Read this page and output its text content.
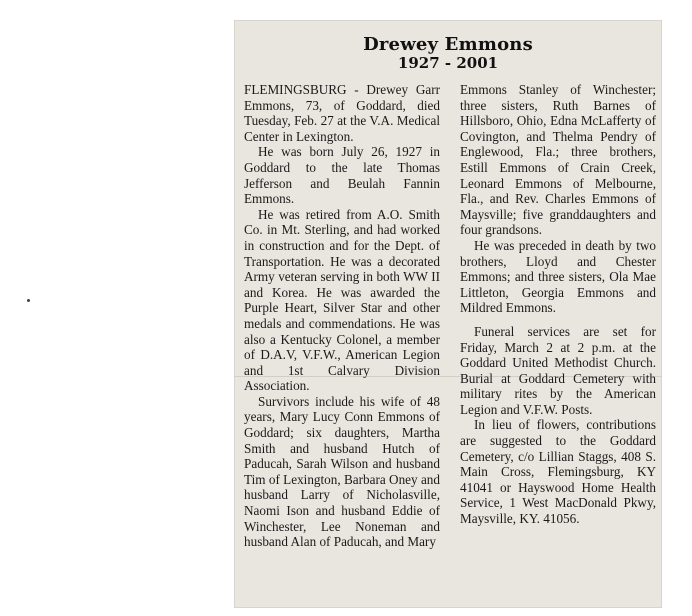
Drewey Emmons
1927 - 2001

FLEMINGSBURG - Drewey Garr Emmons, 73, of Goddard, died Tuesday, Feb. 27 at the V.A. Medical Center in Lexington.

He was born July 26, 1927 in Goddard to the late Thomas Jefferson and Beulah Fannin Emmons.

He was retired from A.O. Smith Co. in Mt. Sterling, and had worked in construction and for the Dept. of Transportation. He was a decorated Army veteran serving in both WW II and Korea. He was awarded the Purple Heart, Silver Star and other medals and commendations. He was also a Kentucky Colonel, a member of D.A.V, V.F.W., American Legion and 1st Calvary Division Association.

Survivors include his wife of 48 years, Mary Lucy Conn Emmons of Goddard; six daughters, Martha Smith and husband Hutch of Paducah, Sarah Wilson and husband Tim of Lexington, Barbara Oney and husband Larry of Nicholasville, Naomi Ison and husband Eddie of Winchester, Lee Noneman and husband Alan of Paducah, and Mary

Emmons Stanley of Winchester; three sisters, Ruth Barnes of Hillsboro, Ohio, Edna McLafferty of Covington, and Thelma Pendry of Englewood, Fla.; three brothers, Estill Emmons of Crain Creek, Leonard Emmons of Melbourne, Fla., and Rev. Charles Emmons of Maysville; five granddaughters and four grandsons.

He was preceded in death by two brothers, Lloyd and Chester Emmons; and three sisters, Ola Mae Littleton, Georgia Emmons and Mildred Emmons.

Funeral services are set for Friday, March 2 at 2 p.m. at the Goddard United Methodist Church. Burial at Goddard Cemetery with military rites by the American Legion and V.F.W. Posts.

In lieu of flowers, contributions are suggested to the Goddard Cemetery, c/o Lillian Staggs, 408 S. Main Cross, Flemingsburg, KY 41041 or Hayswood Home Health Service, 1 West MacDonald Pkwy, Maysville, KY. 41056.
